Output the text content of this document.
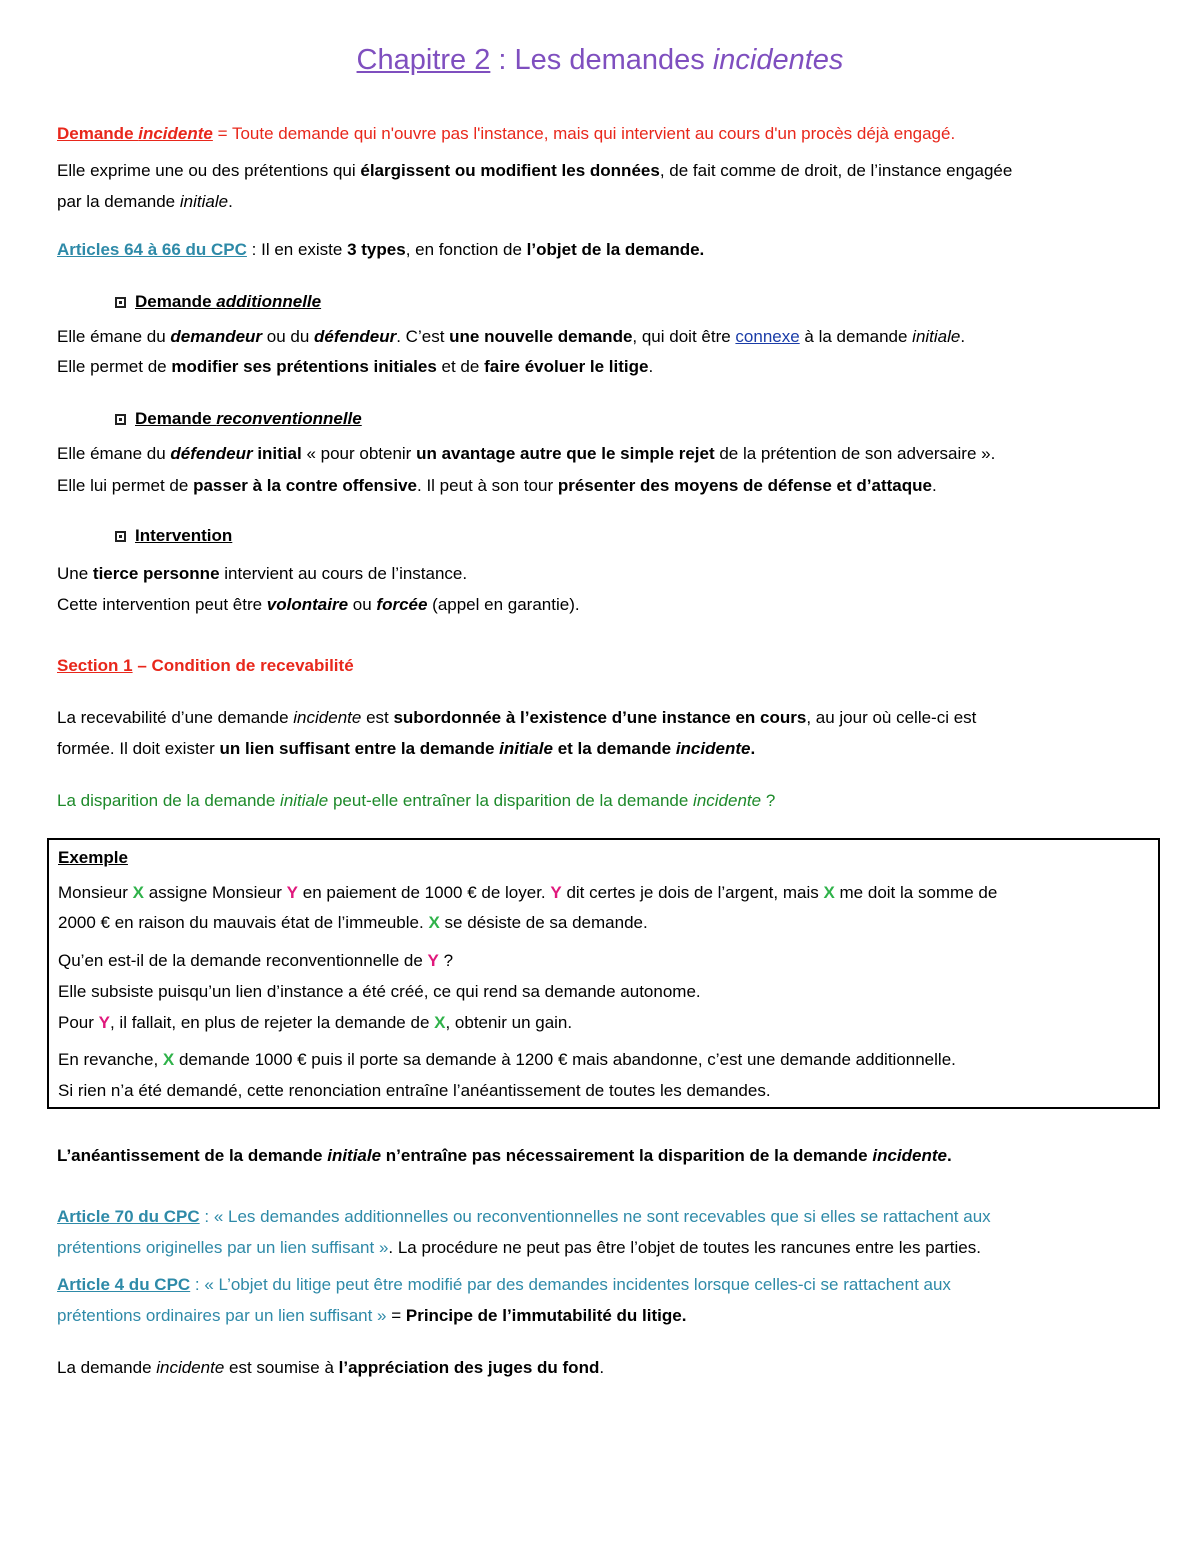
Chapitre 2 : Les demandes incidentes
Demande incidente = Toute demande qui n'ouvre pas l'instance, mais qui intervient au cours d'un procès déjà engagé.
Elle exprime une ou des prétentions qui élargissent ou modifient les données, de fait comme de droit, de l’instance engagée
par la demande initiale.
Articles 64 à 66 du CPC : Il en existe 3 types, en fonction de l’objet de la demande.
Demande additionnelle
Elle émane du demandeur ou du défendeur. C’est une nouvelle demande, qui doit être connexe à la demande initiale.
Elle permet de modifier ses prétentions initiales et de faire évoluer le litige.
Demande reconventionnelle
Elle émane du défendeur initial « pour obtenir un avantage autre que le simple rejet de la prétention de son adversaire ».
Elle lui permet de passer à la contre offensive. Il peut à son tour présenter des moyens de défense et d’attaque.
Intervention
Une tierce personne intervient au cours de l’instance.
Cette intervention peut être volontaire ou forcée (appel en garantie).
Section 1 – Condition de recevabilité
La recevabilité d’une demande incidente est subordonnée à l’existence d’une instance en cours, au jour où celle-ci est
formée. Il doit exister un lien suffisant entre la demande initiale et la demande incidente.
La disparition de la demande initiale peut-elle entraîner la disparition de la demande incidente ?
Exemple
Monsieur X assigne Monsieur Y en paiement de 1000 € de loyer. Y dit certes je dois de l’argent, mais X me doit la somme de
2000 € en raison du mauvais état de l’immeuble. X se désiste de sa demande.
Qu’en est-il de la demande reconventionnelle de Y ?
Elle subsiste puisqu’un lien d’instance a été créé, ce qui rend sa demande autonome.
Pour Y, il fallait, en plus de rejeter la demande de X, obtenir un gain.
En revanche, X demande 1000 € puis il porte sa demande à 1200 € mais abandonne, c’est une demande additionnelle.
Si rien n’a été demandé, cette renonciation entraîne l’anéantissement de toutes les demandes.
L’anéantissement de la demande initiale n’entraîne pas nécessairement la disparition de la demande incidente.
Article 70 du CPC : « Les demandes additionnelles ou reconventionnelles ne sont recevables que si elles se rattachent aux
prétentions originelles par un lien suffisant ». La procédure ne peut pas être l’objet de toutes les rancunes entre les parties.
Article 4 du CPC : « L’objet du litige peut être modifié par des demandes incidentes lorsque celles-ci se rattachent aux
prétentions ordinaires par un lien suffisant » = Principe de l’immutabilité du litige.
La demande incidente est soumise à l’appréciation des juges du fond.
